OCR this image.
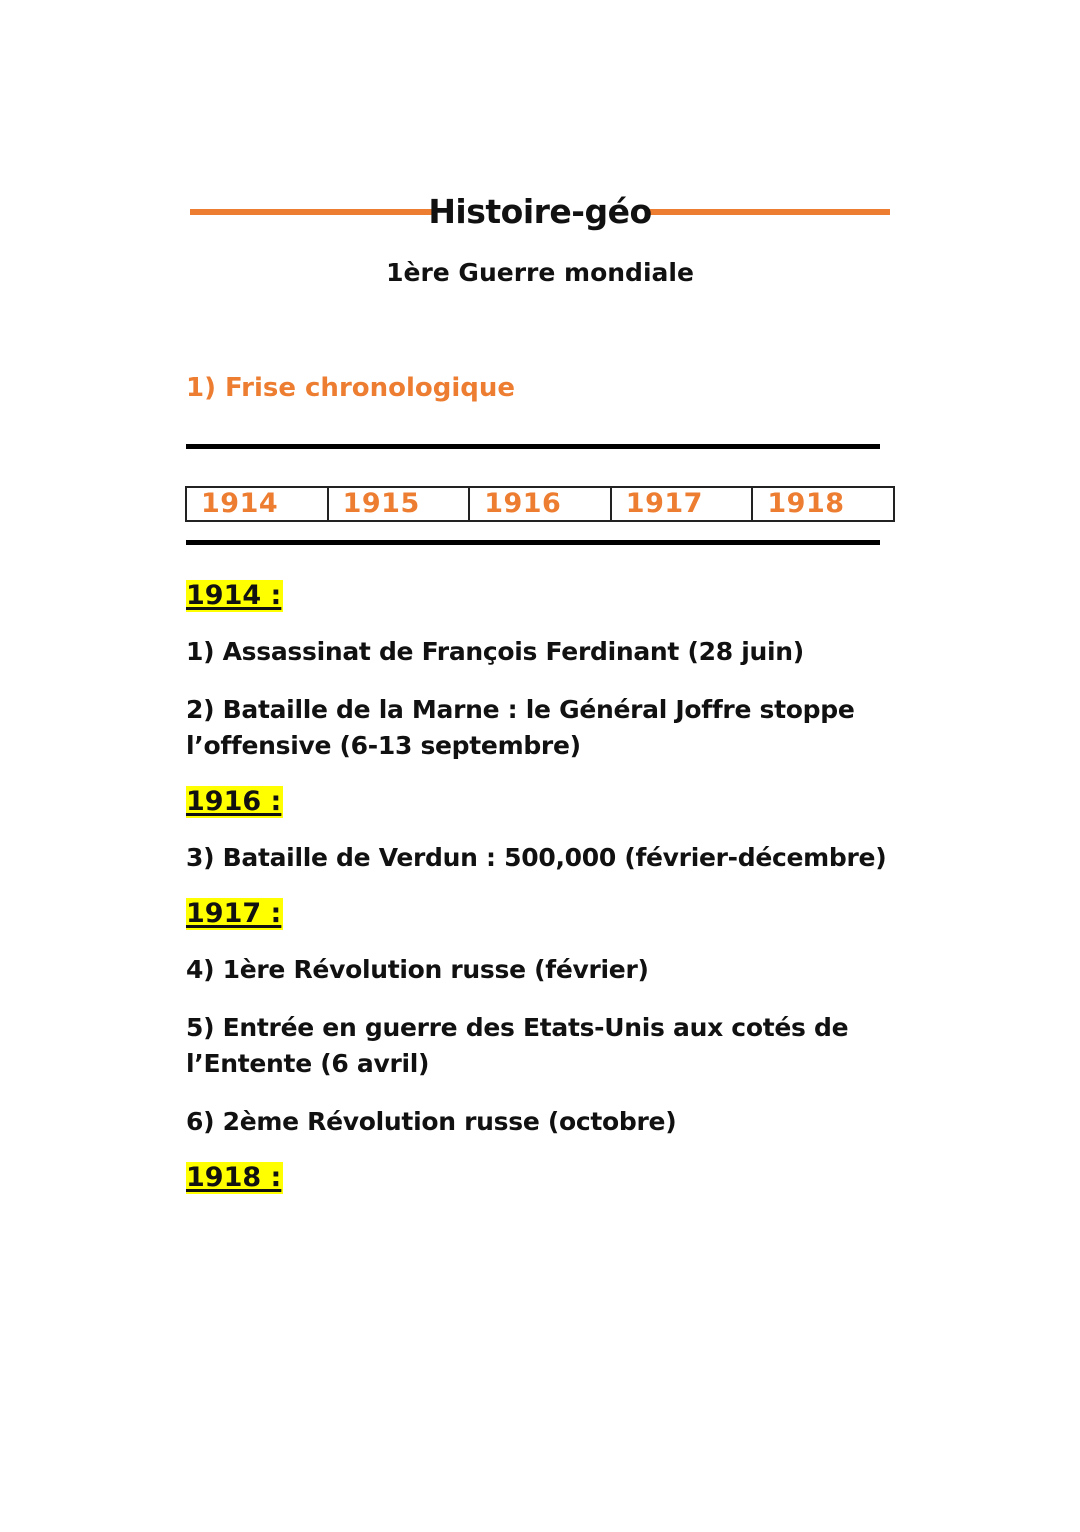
Histoire-géo
1ère Guerre mondiale
1) Frise chronologique
1914	1915	1916	1917	1918
1914 :

1) Assassinat de François Ferdinant (28 juin)

2) Bataille de la Marne : le Général Joffre stoppe l’offensive (6-13 septembre)

1916 :

3) Bataille de Verdun : 500,000 (février-décembre)

1917 :

4) 1ère Révolution russe (février)

5) Entrée en guerre des Etats-Unis aux cotés de l’Entente (6 avril)

6) 2ème Révolution russe (octobre)

1918 :
